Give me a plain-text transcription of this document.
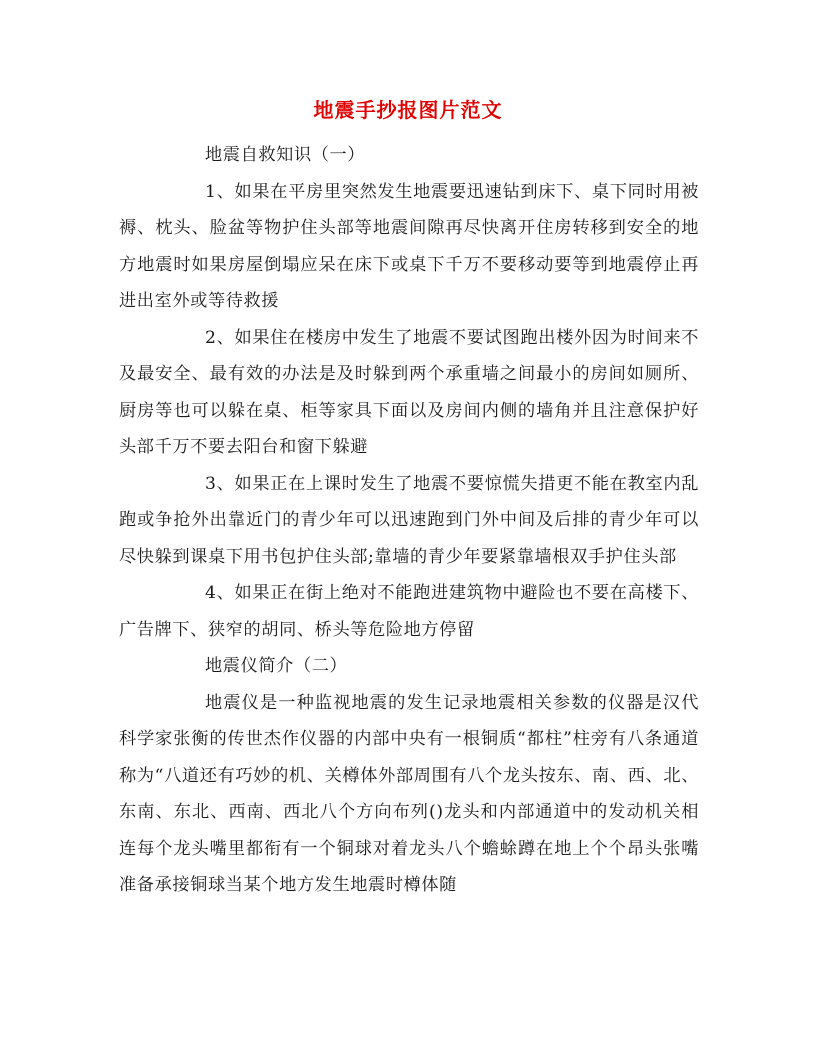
地震手抄报图片范文

地震自救知识（一）

1、如果在平房里突然发生地震要迅速钻到床下、桌下同时用被褥、枕头、脸盆等物护住头部等地震间隙再尽快离开住房转移到安全的地方地震时如果房屋倒塌应呆在床下或桌下千万不要移动要等到地震停止再进出室外或等待救援

2、如果住在楼房中发生了地震不要试图跑出楼外因为时间来不及最安全、最有效的办法是及时躲到两个承重墙之间最小的房间如厕所、厨房等也可以躲在桌、柜等家具下面以及房间内侧的墙角并且注意保护好头部千万不要去阳台和窗下躲避

3、如果正在上课时发生了地震不要惊慌失措更不能在教室内乱跑或争抢外出靠近门的青少年可以迅速跑到门外中间及后排的青少年可以尽快躲到课桌下用书包护住头部;靠墙的青少年要紧靠墙根双手护住头部

4、如果正在街上绝对不能跑进建筑物中避险也不要在高楼下、广告牌下、狭窄的胡同、桥头等危险地方停留

地震仪简介（二）

地震仪是一种监视地震的发生记录地震相关参数的仪器是汉代科学家张衡的传世杰作仪器的内部中央有一根铜质“都柱”柱旁有八条通道称为“八道还有巧妙的机、关樽体外部周围有八个龙头按东、南、西、北、东南、东北、西南、西北八个方向布列()龙头和内部通道中的发动机关相连每个龙头嘴里都衔有一个铜球对着龙头八个蟾蜍蹲在地上个个昂头张嘴准备承接铜球当某个地方发生地震时樽体随
